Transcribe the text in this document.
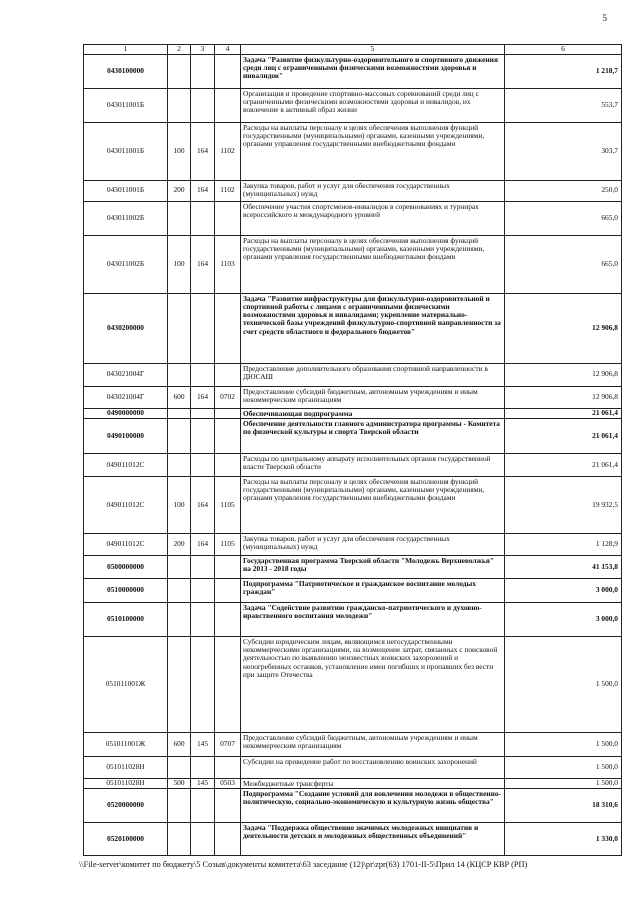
5
1	2	3	4	5	6
0430100000				Задача "Развитие физкультурно-оздоровительного и спортивного движения среди лиц с ограниченными физическими возможностями здоровья и инвалидов"	1 218,7
043011001Б				Организация и проведение спортивно-массовых соревнований среди лиц с ограниченными физическими возможностями здоровья и инвалидов, их вовлечение в активный образ жизни	553,7
043011001Б	100	164	1102	Расходы на выплаты персоналу в целях обеспечения выполнения функций государственными (муниципальными) органами, казенными учреждениями, органами управления государственными внебюджетными фондами	303,7
043011001Б	200	164	1102	Закупка товаров, работ и услуг для обеспечения государственных (муниципальных) нужд	250,0
043011002Б				Обеспечение участия спортсменов-инвалидов в соревнованиях и турнирах всероссийского и международного уровней	665,0
043011002Б	100	164	1103	Расходы на выплаты персоналу в целях обеспечения выполнения функций государственными (муниципальными) органами, казенными учреждениями, органами управления государственными внебюджетными фондами	665,0
0430200000				Задача "Развитие инфраструктуры для физкультурно-оздоровительной и спортивной работы с лицами с ограниченными физическими возможностями здоровья и инвалидами; укрепление материально-технической базы учреждений физкультурно-спортивной направленности за счет средств областного и федерального бюджетов"	12 906,8
043021004Г				Предоставление дополнительного образования спортивной направленности в ДЮСАШ	12 906,8
043021004Г	600	164	0702	Предоставление субсидий бюджетным, автономным учреждениям и иным некоммерческим организациям	12 906,8
0490000000				Обеспечивающая подпрограмма	21 061,4
0490100000				Обеспечение деятельности главного администратора программы - Комитета по физической культуры и спорта Тверской области	21 061,4
049011012С				Расходы по центральному аппарату исполнительных органов государственной власти Тверской области	21 061,4
049011012С	100	164	1105	Расходы на выплаты персоналу в целях обеспечения выполнения функций государственными (муниципальными) органами, казенными учреждениями, органами управления государственными внебюджетными фондами	19 932,5
049011012С	200	164	1105	Закупка товаров, работ и услуг для обеспечения государственных (муниципальных) нужд	1 128,9
0500000000				Государственная программа Тверской области "Молодежь Верхневолжья" на 2013 - 2018 годы	41 153,8
0510000000				Подпрограмма "Патриотическое и гражданское воспитание молодых граждан"	3 000,0
0510100000				Задача "Содействие развитию гражданско-патриотического и духовно- нравственного воспитания молодежи"	3 000,0
051011001Ж				Субсидии юридическим лицам, являющимся негосударственными некоммерческими организациями, на возмещение затрат, связанных с поисковой деятельностью по выявлению неизвестных воинских захоронений и непогребенных останков, установление имен погибших и пропавших без вести при защите Отечества	1 500,0
051011001Ж	600	145	0707	Предоставление субсидий бюджетным, автономным учреждениям и иным некоммерческим организациям	1 500,0
051011028Н				Субсидии на проведение работ по восстановлению воинских захоронений	1 500,0
051011028Н	500	145	0503	Межбюджетные трансферты	1 500,0
0520000000				Подпрограмма "Создание условий для вовлечения молодежи в общественно-политическую, социально-экономическую и культурную жизнь общества"	18 310,6
0520100000				Задача "Поддержка общественно значимых молодежных инициатив и деятельности детских и молодежных общественных объединений"	1 330,0
\\File-server\комитет по бюджету\5 Созыв\документы комитета\63 заседание (12)\pr\zpr(63) 1701-II-5\Прил 14 (КЦСР КВР (РП)
